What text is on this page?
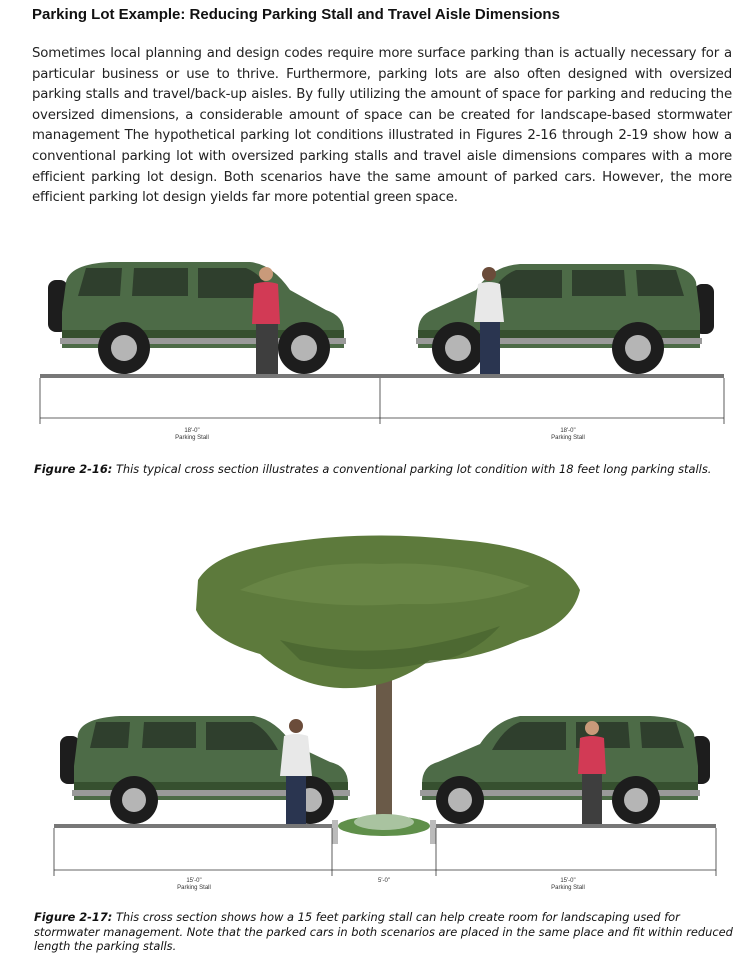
Parking Lot Example: Reducing Parking Stall and Travel Aisle Dimensions
Sometimes local planning and design codes require more surface parking than is actually necessary for a particular business or use to thrive. Furthermore, parking lots are also often designed with oversized parking stalls and travel/back-up aisles. By fully utilizing the amount of space for parking and reducing the oversized dimensions, a considerable amount of space can be created for landscape-based stormwater management The hypothetical parking lot conditions illustrated in Figures 2-16 through 2-19 show how a conventional parking lot with oversized parking stalls and travel aisle dimensions compares with a more efficient parking lot design. Both scenarios have the same amount of parked cars. However, the more efficient parking lot design yields far more potential green space.
18'-0"
Parking Stall
18'-0"
Parking Stall
Figure 2-16: This typical cross section illustrates a conventional parking lot condition with 18 feet long parking stalls.
15'-0"
Parking Stall
5'-0"	15'-0"
Parking Stall
Figure 2-17: This cross section shows how a 15 feet parking stall can help create room for landscaping used for stormwater management. Note that the parked cars in both scenarios are placed in the same place and fit within reduced length the parking stalls.
